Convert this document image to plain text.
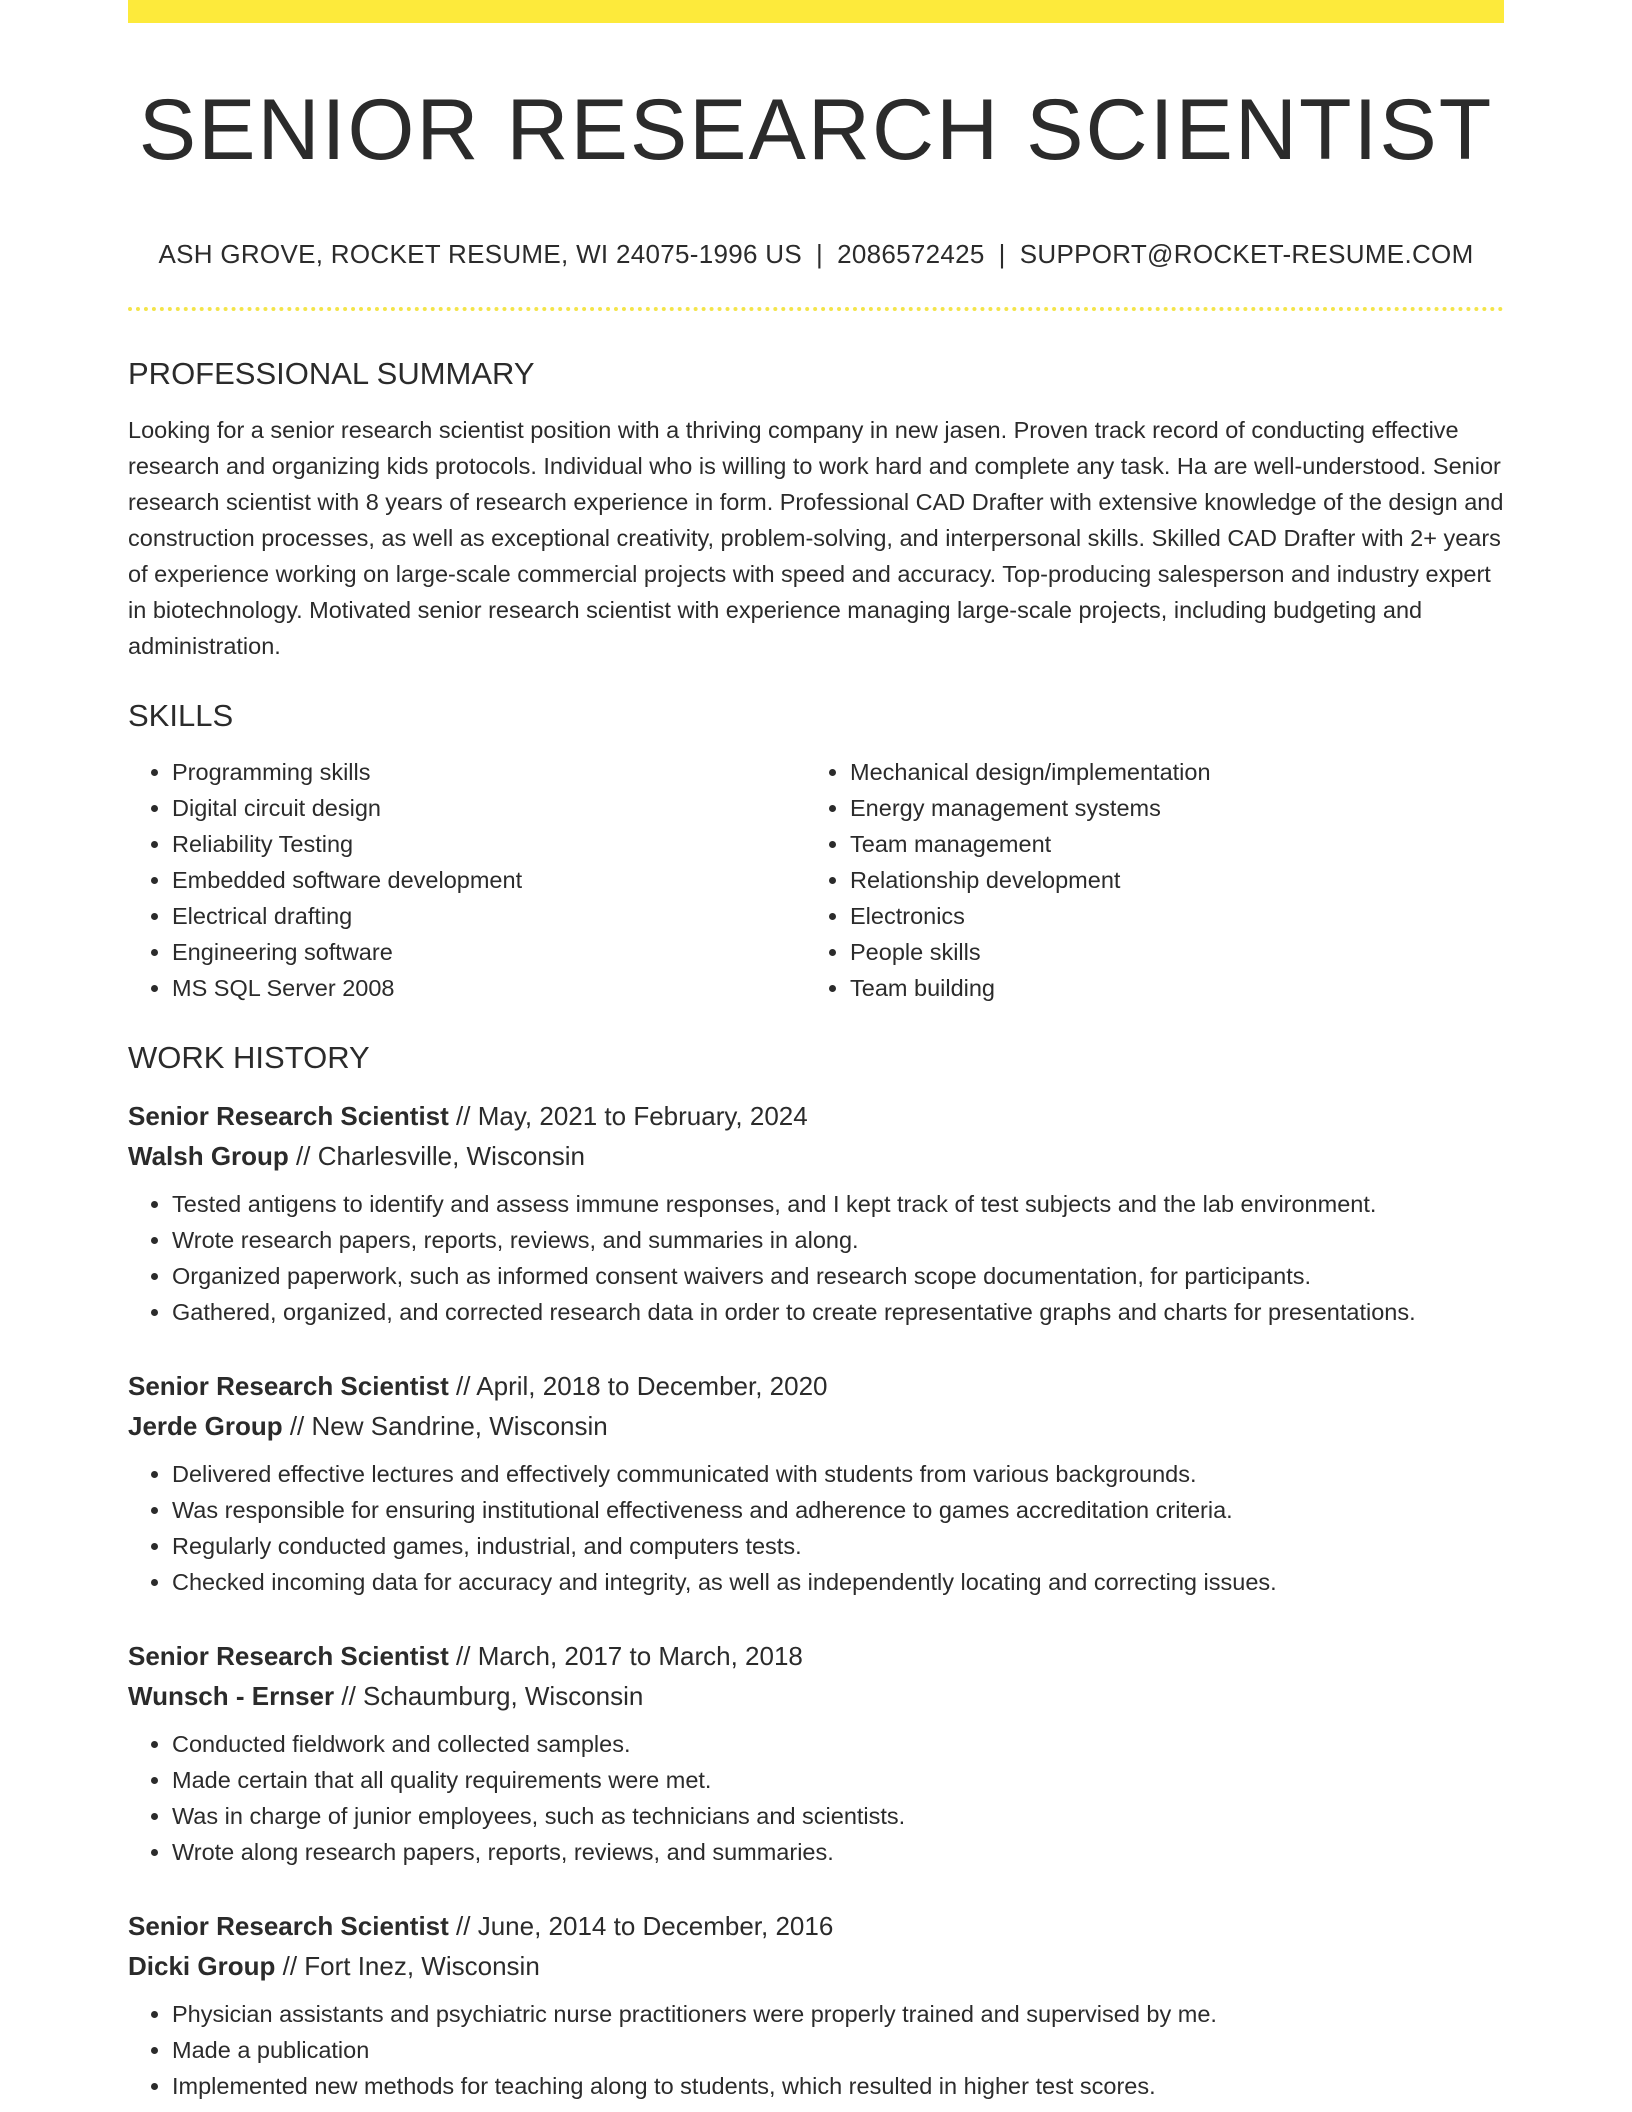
SENIOR RESEARCH SCIENTIST
ASH GROVE, ROCKET RESUME, WI 24075-1996 US | 2086572425 | SUPPORT@ROCKET-RESUME.COM
PROFESSIONAL SUMMARY

Looking for a senior research scientist position with a thriving company in new jasen. Proven track record of conducting effective research and organizing kids protocols. Individual who is willing to work hard and complete any task. Ha are well-understood. Senior research scientist with 8 years of research experience in form. Professional CAD Drafter with extensive knowledge of the design and construction processes, as well as exceptional creativity, problem-solving, and interpersonal skills. Skilled CAD Drafter with 2+ years of experience working on large-scale commercial projects with speed and accuracy. Top-producing salesperson and industry expert in biotechnology. Motivated senior research scientist with experience managing large-scale projects, including budgeting and administration.

SKILLS
• Programming skills
• Digital circuit design
• Reliability Testing
• Embedded software development
• Electrical drafting
• Engineering software
• MS SQL Server 2008
• Mechanical design/implementation
• Energy management systems
• Team management
• Relationship development
• Electronics
• People skills
• Team building
WORK HISTORY
Senior Research Scientist // May, 2021 to February, 2024
Walsh Group // Charlesville, Wisconsin
• Tested antigens to identify and assess immune responses, and I kept track of test subjects and the lab environment.
• Wrote research papers, reports, reviews, and summaries in along.
• Organized paperwork, such as informed consent waivers and research scope documentation, for participants.
• Gathered, organized, and corrected research data in order to create representative graphs and charts for presentations.
Senior Research Scientist // April, 2018 to December, 2020
Jerde Group // New Sandrine, Wisconsin
• Delivered effective lectures and effectively communicated with students from various backgrounds.
• Was responsible for ensuring institutional effectiveness and adherence to games accreditation criteria.
• Regularly conducted games, industrial, and computers tests.
• Checked incoming data for accuracy and integrity, as well as independently locating and correcting issues.
Senior Research Scientist // March, 2017 to March, 2018
Wunsch - Ernser // Schaumburg, Wisconsin
• Conducted fieldwork and collected samples.
• Made certain that all quality requirements were met.
• Was in charge of junior employees, such as technicians and scientists.
• Wrote along research papers, reports, reviews, and summaries.
Senior Research Scientist // June, 2014 to December, 2016
Dicki Group // Fort Inez, Wisconsin
• Physician assistants and psychiatric nurse practitioners were properly trained and supervised by me.
• Made a publication
• Implemented new methods for teaching along to students, which resulted in higher test scores.
